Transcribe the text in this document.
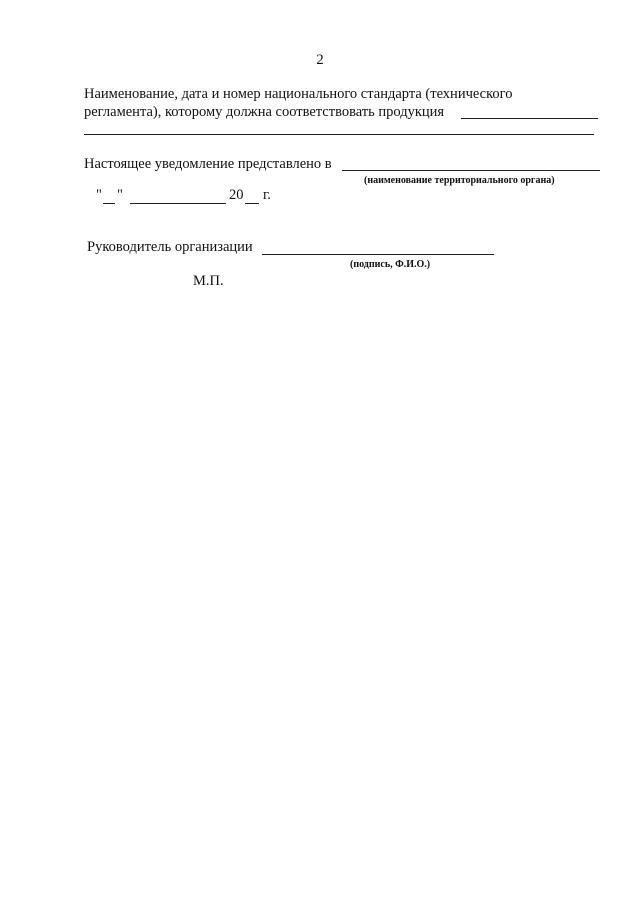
2
Наименование, дата и номер национального стандарта (технического
регламента), которому должна соответствовать продукция
Настоящее уведомление представлено в
(наименование территориального органа)
" "	20 г.
Руководитель организации
(подпись, Ф.И.О.)
М.П.
